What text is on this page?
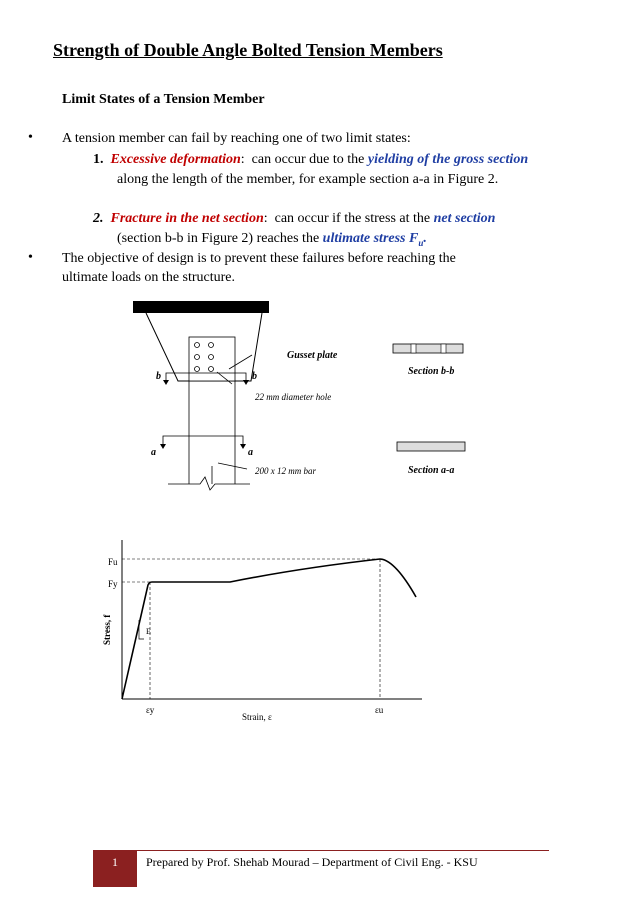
Strength of Double Angle Bolted Tension Members
Limit States of a Tension Member
• A tension member can fail by reaching one of two limit states:
1. Excessive deformation: can occur due to the yielding of the gross section
along the length of the member, for example section a-a in Figure 2.
2. Fracture in the net section: can occur if the stress at the net section
(section b-b in Figure 2) reaches the ultimate stress $F_u$.
• The objective of design is to prevent these failures before reaching the
ultimate loads on the structure.
Gusset plate
22 mm diameter hole
200 x 12 mm bar
Section b-b
Section a-a
b	b
a	a
E
Fu
Fy
εy	εu
Strain, ε
Stress, f
1	Prepared by Prof. Shehab Mourad – Department of Civil Eng. - KSU
